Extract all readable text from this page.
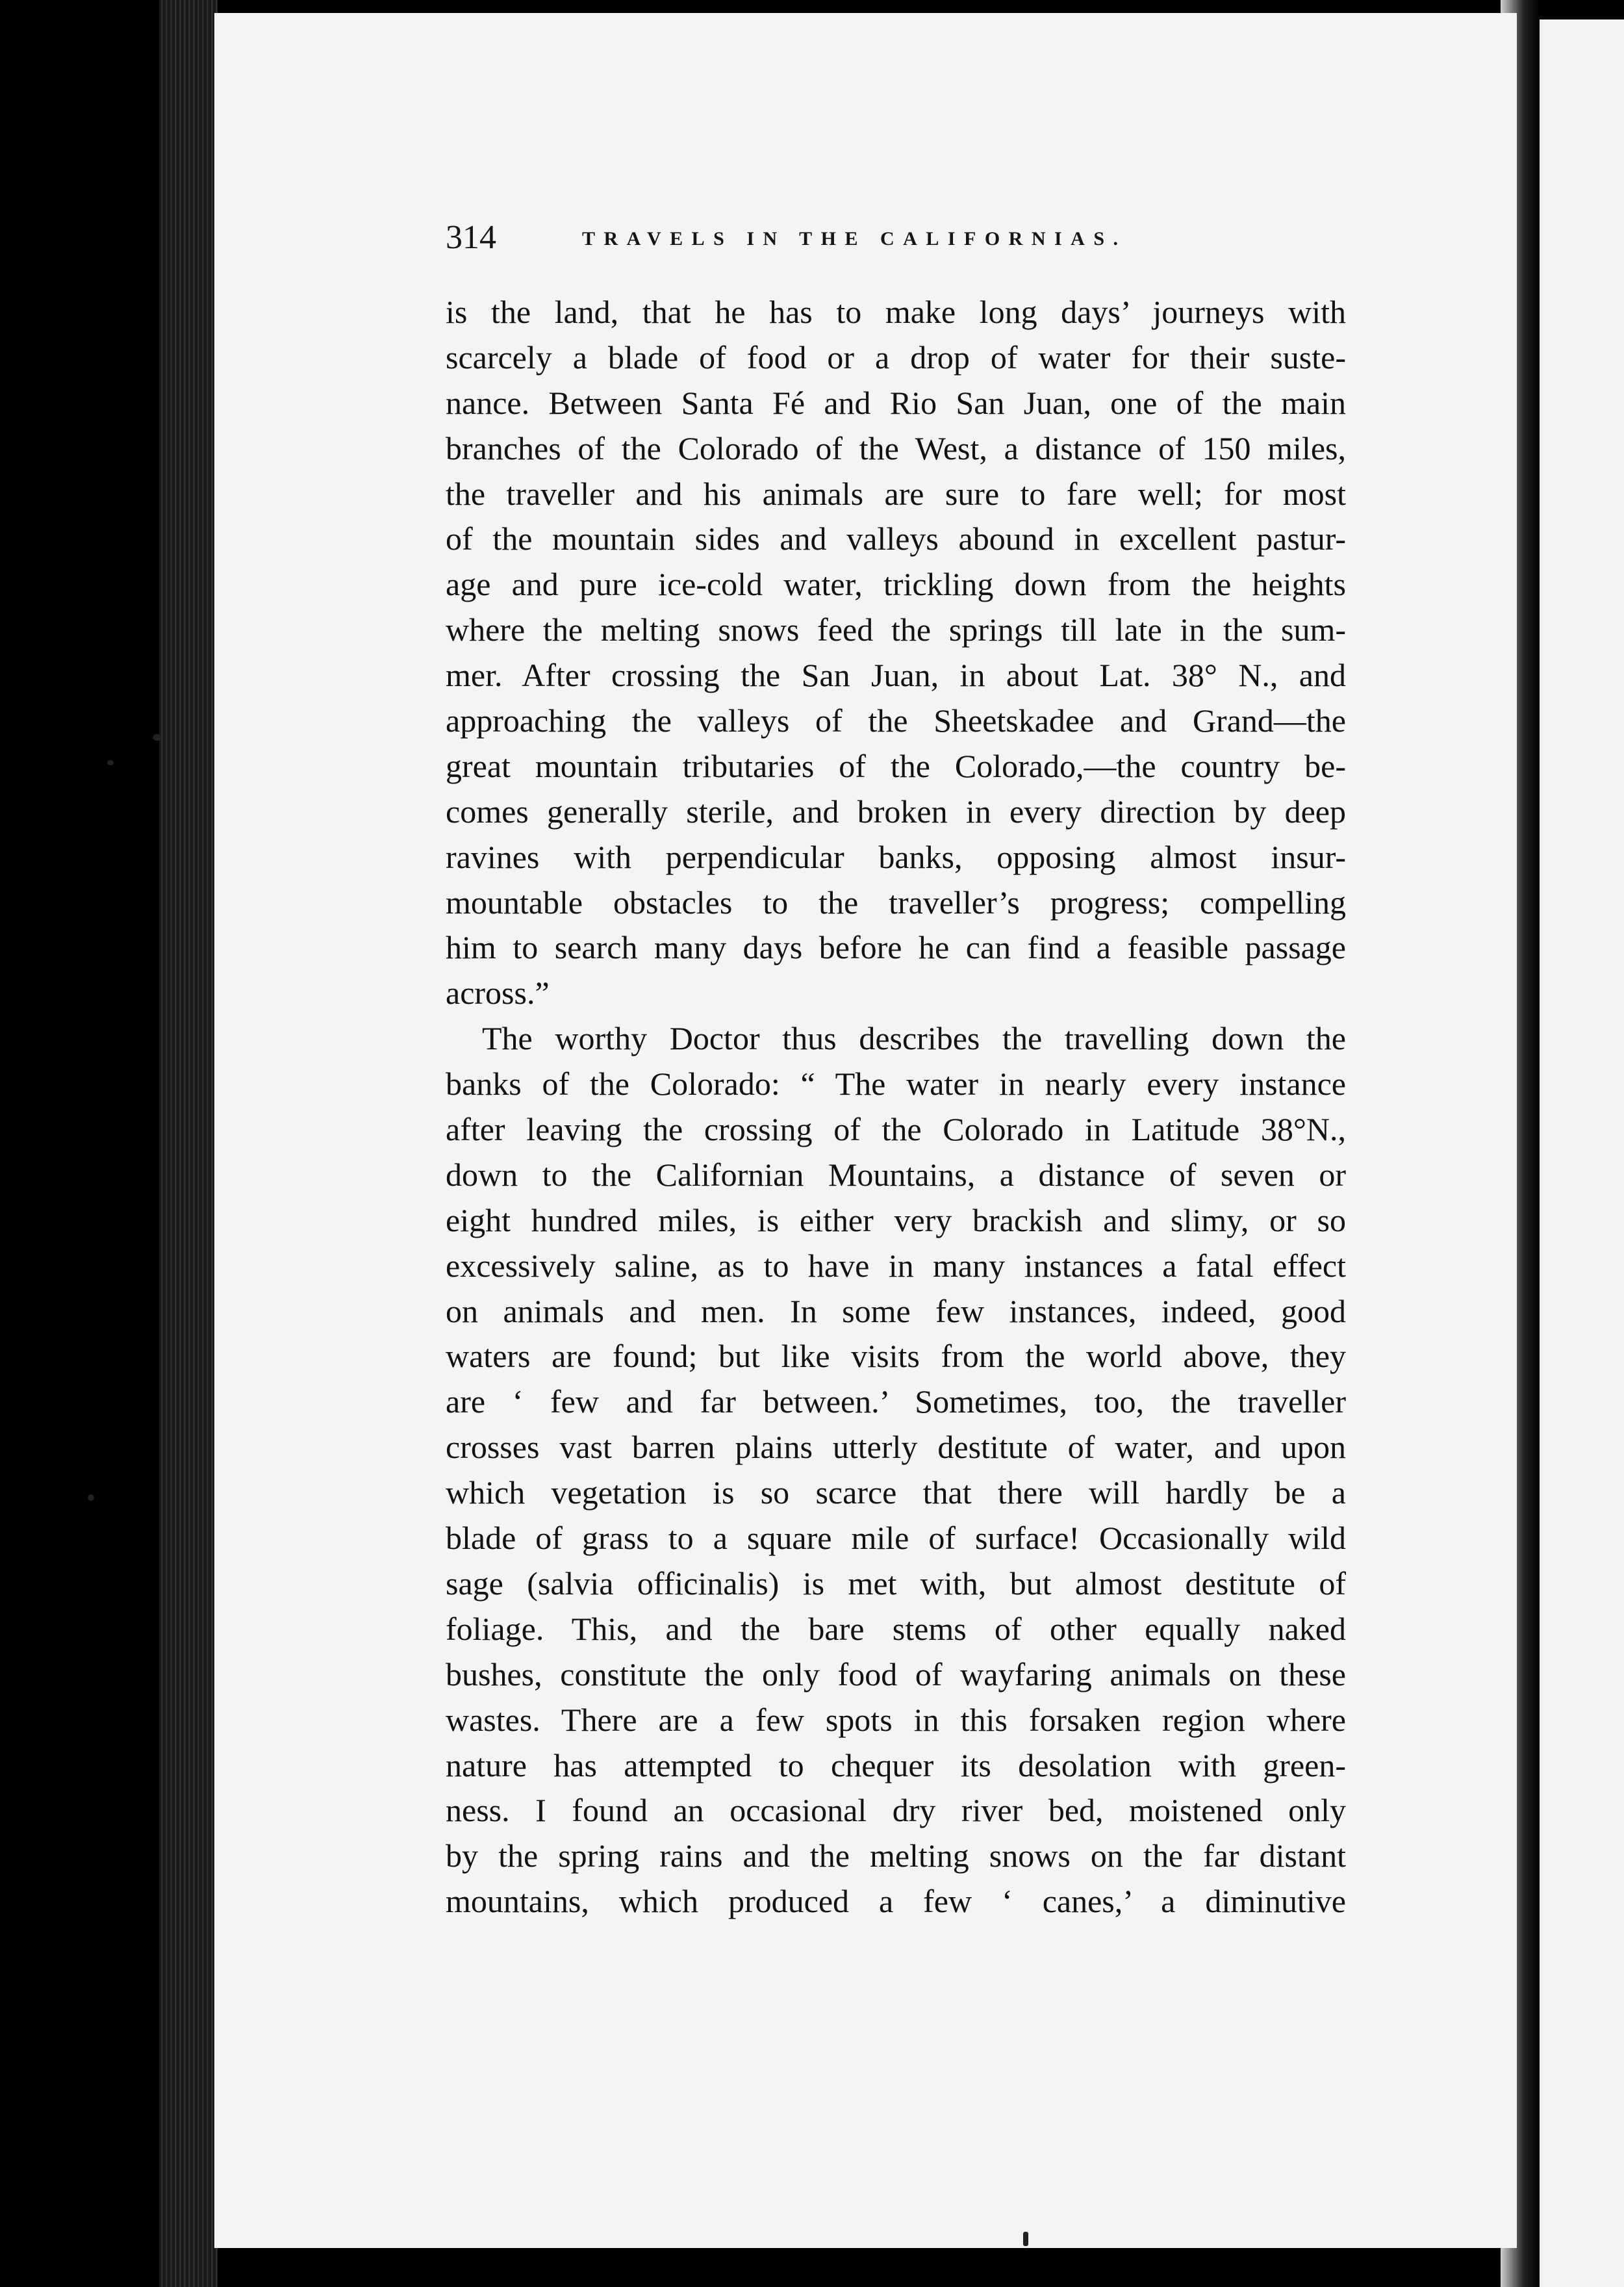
314	TRAVELS IN THE CALIFORNIAS.
is the land, that he has to make long days’ journeys with
scarcely a blade of food or a drop of water for their suste-
nance. Between Santa Fé and Rio San Juan, one of the main
branches of the Colorado of the West, a distance of 150 miles,
the traveller and his animals are sure to fare well; for most
of the mountain sides and valleys abound in excellent pastur-
age and pure ice-cold water, trickling down from the heights
where the melting snows feed the springs till late in the sum-
mer. After crossing the San Juan, in about Lat. 38° N., and
approaching the valleys of the Sheetskadee and Grand—the
great mountain tributaries of the Colorado,—the country be-
comes generally sterile, and broken in every direction by deep
ravines with perpendicular banks, opposing almost insur-
mountable obstacles to the traveller’s progress; compelling
him to search many days before he can find a feasible passage
across.”
The worthy Doctor thus describes the travelling down the
banks of the Colorado: “ The water in nearly every instance
after leaving the crossing of the Colorado in Latitude 38°N.,
down to the Californian Mountains, a distance of seven or
eight hundred miles, is either very brackish and slimy, or so
excessively saline, as to have in many instances a fatal effect
on animals and men. In some few instances, indeed, good
waters are found; but like visits from the world above, they
are ‘ few and far between.’ Sometimes, too, the traveller
crosses vast barren plains utterly destitute of water, and upon
which vegetation is so scarce that there will hardly be a
blade of grass to a square mile of surface! Occasionally wild
sage (salvia officinalis) is met with, but almost destitute of
foliage. This, and the bare stems of other equally naked
bushes, constitute the only food of wayfaring animals on these
wastes. There are a few spots in this forsaken region where
nature has attempted to chequer its desolation with green-
ness. I found an occasional dry river bed, moistened only
by the spring rains and the melting snows on the far distant
mountains, which produced a few ‘ canes,’ a diminutive
